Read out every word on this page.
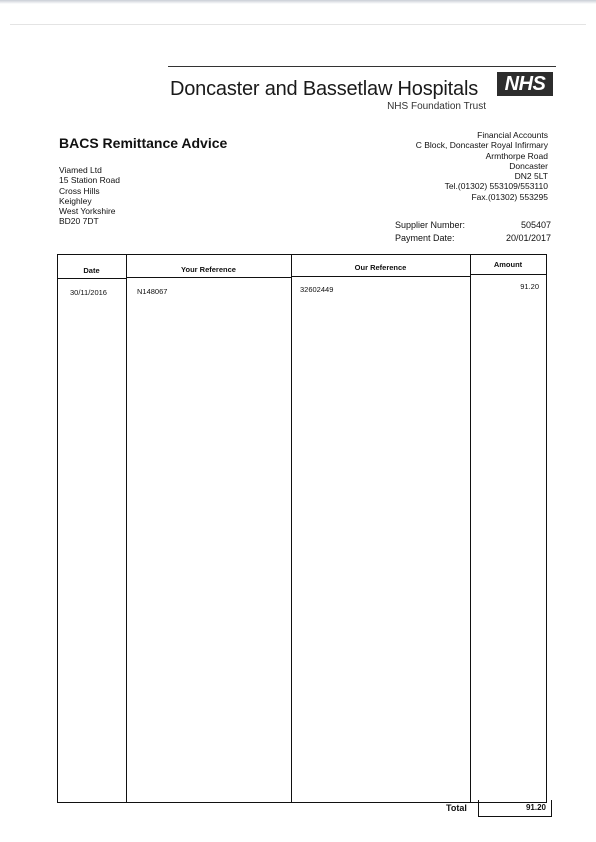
Doncaster and Bassetlaw Hospitals	NHS
NHS Foundation Trust
BACS Remittance Advice
Viamed Ltd
15 Station Road
Cross Hills
Keighley
West Yorkshire
BD20 7DT
Financial Accounts
C Block, Doncaster Royal Infirmary
Armthorpe Road
Doncaster
DN2 5LT
Tel.(01302) 553109/553110
Fax.(01302) 553295
Supplier Number:	505407
Payment Date:	20/01/2017
Date	Your Reference	Our Reference	Amount
30/11/2016	N148067	32602449	91.20
Total	91.20
